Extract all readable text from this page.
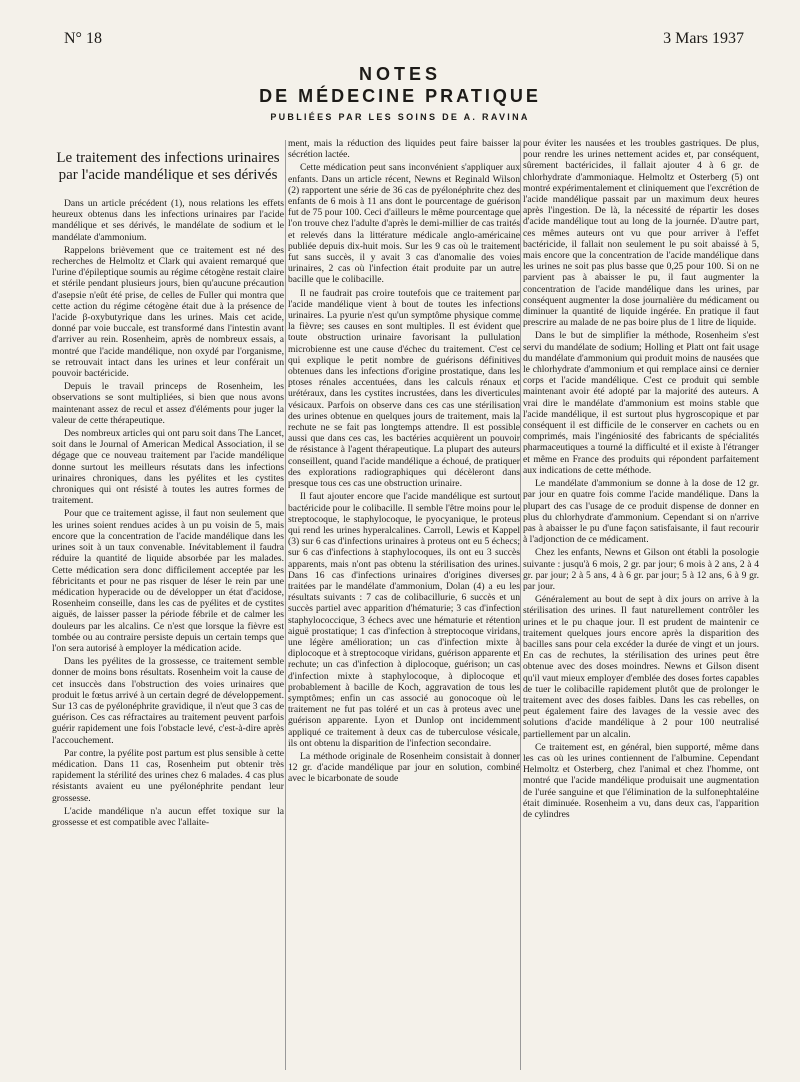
N° 18	3 Mars 1937
NOTES
DE MÉDECINE PRATIQUE
PUBLIÉES PAR LES SOINS DE A. RAVINA
Le traitement des infections urinaires
par l'acide mandélique et ses dérivés

Dans un article précédent (1), nous relations les effets heureux obtenus dans les infections urinaires par l'acide mandélique et ses dérivés, le mandélate de sodium et le mandélate d'ammonium.

Rappelons brièvement que ce traitement est né des recherches de Helmoltz et Clark qui avaient remarqué que l'urine d'épileptique soumis au régime cétogène restait claire et stérile pendant plusieurs jours, bien qu'aucune précaution d'asepsie n'eût été prise, de celles de Fuller qui montra que cette action du régime cétogène était due à la présence de l'acide β-oxybutyrique dans les urines. Mais cet acide, donné par voie buccale, est transformé dans l'intestin avant d'arriver au rein. Rosenheim, après de nombreux essais, a montré que l'acide mandélique, non oxydé par l'organisme, se retrouvait intact dans les urines et leur conférait un pouvoir bactéricide.

Depuis le travail princeps de Rosenheim, les observations se sont multipliées, si bien que nous avons maintenant assez de recul et assez d'éléments pour juger la valeur de cette thérapeutique.

Des nombreux articles qui ont paru soit dans The Lancet, soit dans le Journal of American Medical Association, il se dégage que ce nouveau traitement par l'acide mandélique donne surtout les meilleurs résutats dans les infections urinaires chroniques, dans les pyélites et les cystites chroniques qui ont résisté à toutes les autres formes de traitement.

Pour que ce traitement agisse, il faut non seulement que les urines soient rendues acides à un pu voisin de 5, mais encore que la concentration de l'acide mandélique dans les urines soit à un taux convenable. Inévitablement il faudra réduire la quantité de liquide absorbée par les malades. Cette médication sera donc difficilement acceptée par les fébricitants et pour ne pas risquer de léser le rein par une médication hyperacide ou de développer un état d'acidose, Rosenheim conseille, dans les cas de pyélites et de cystites aiguës, de laisser passer la période fébrile et de calmer les douleurs par les alcalins. Ce n'est que lorsque la fièvre est tombée ou au contraire persiste depuis un certain temps que l'on sera autorisé à employer la médication acide.

Dans les pyélites de la grossesse, ce traitement semble donner de moins bons résultats. Rosenheim voit la cause de cet insuccès dans l'obstruction des voies urinaires que produit le fœtus arrivé à un certain degré de développement. Sur 13 cas de pyélonéphrite gravidique, il n'eut que 3 cas de guérison. Ces cas réfractaires au traitement peuvent parfois guérir rapidement une fois l'obstacle levé, c'est-à-dire après l'accouchement.

Par contre, la pyélite post partum est plus sensible à cette médication. Dans 11 cas, Rosenheim put obtenir très rapidement la stérilité des urines chez 6 malades. 4 cas plus résistants avaient eu une pyélonéphrite pendant leur grossesse.

L'acide mandélique n'a aucun effet toxique sur la grossesse et est compatible avec l'allaite-

ment, mais la réduction des liquides peut faire baisser la sécrétion lactée.

Cette médication peut sans inconvénient s'appliquer aux enfants. Dans un article récent, Newns et Reginald Wilson (2) rapportent une série de 36 cas de pyélonéphrite chez des enfants de 6 mois à 11 ans dont le pourcentage de guérison fut de 75 pour 100. Ceci d'ailleurs le même pourcentage que l'on trouve chez l'adulte d'après le demi-millier de cas traités et relevés dans la littérature médicale anglo-américaine publiée depuis dix-huit mois. Sur les 9 cas où le traitement fut sans succès, il y avait 3 cas d'anomalie des voies urinaires, 2 cas où l'infection était produite par un autre bacille que le colibacille.

Il ne faudrait pas croire toutefois que ce traitement par l'acide mandélique vient à bout de toutes les infections urinaires. La pyurie n'est qu'un symptôme physique comme la fièvre; ses causes en sont multiples. Il est évident que toute obstruction urinaire favorisant la pullulation microbienne est une cause d'échec du traitement. C'est ce qui explique le petit nombre de guérisons définitives obtenues dans les infections d'origine prostatique, dans les ptoses rénales accentuées, dans les calculs rénaux et urétéraux, dans les cystites incrustées, dans les diverticules vésicaux. Parfois on observe dans ces cas une stérilisation des urines obtenue en quelques jours de traitement, mais la rechute ne se fait pas longtemps attendre. Il est possible aussi que dans ces cas, les bactéries acquièrent un pouvoir de résistance à l'agent thérapeutique. La plupart des auteurs conseillent, quand l'acide mandélique a échoué, de pratiquer des explorations radiographiques qui décèleront dans presque tous ces cas une obstruction urinaire.

Il faut ajouter encore que l'acide mandélique est surtout bactéricide pour le colibacille. Il semble l'être moins pour le streptocoque, le staphylocoque, le pyocyanique, le proteus qui rend les urines hyperalcalines. Carroll, Lewis et Kappel (3) sur 6 cas d'infections urinaires à proteus ont eu 5 échecs; sur 6 cas d'infections à staphylocoques, ils ont eu 3 succès apparents, mais n'ont pas obtenu la stérilisation des urines. Dans 16 cas d'infections urinaires d'origines diverses traitées par le mandélate d'ammonium, Dolan (4) a eu les résultats suivants : 7 cas de colibacillurie, 6 succès et un succès partiel avec apparition d'hématurie; 3 cas d'infection staphylococcique, 3 échecs avec une hématurie et rétention aiguë prostatique; 1 cas d'infection à streptocoque viridans, une légère amélioration; un cas d'infection mixte à diplocoque et à streptocoque viridans, guérison apparente et rechute; un cas d'infection à diplocoque, guérison; un cas d'infection mixte à staphylocoque, à diplocoque et probablement à bacille de Koch, aggravation de tous les symptômes; enfin un cas associé au gonocoque où le traitement ne fut pas toléré et un cas à proteus avec une guérison apparente. Lyon et Dunlop ont incidemment appliqué ce traitement à deux cas de tuberculose vésicale, ils ont obtenu la disparition de l'infection secondaire.

La méthode originale de Rosenheim consistait à donner 12 gr. d'acide mandélique par jour en solution, combiné avec le bicarbonate de soude

pour éviter les nausées et les troubles gastriques. De plus, pour rendre les urines nettement acides et, par conséquent, sûrement bactéricides, il fallait ajouter 4 à 6 gr. de chlorhydrate d'ammoniaque. Helmoltz et Osterberg (5) ont montré expérimentalement et cliniquement que l'excrétion de l'acide mandélique passait par un maximum deux heures après l'ingestion. De là, la nécessité de répartir les doses d'acide mandélique tout au long de la journée. D'autre part, ces mêmes auteurs ont vu que pour arriver à l'effet bactéricide, il fallait non seulement le pu soit abaissé à 5, mais encore que la concentration de l'acide mandélique dans les urines ne soit pas plus basse que 0,25 pour 100. Si on ne parvient pas à abaisser le pu, il faut augmenter la concentration de l'acide mandélique dans les urines, par conséquent augmenter la dose journalière du médicament ou diminuer la quantité de liquide ingérée. En pratique il faut prescrire au malade de ne pas boire plus de 1 litre de liquide.

Dans le but de simplifier la méthode, Rosenheim s'est servi du mandélate de sodium; Holling et Platt ont fait usage du mandélate d'ammonium qui produit moins de nausées que le chlorhydrate d'ammonium et qui remplace ainsi ce dernier corps et l'acide mandélique. C'est ce produit qui semble maintenant avoir été adopté par la majorité des auteurs. A vrai dire le mandélate d'ammonium est moins stable que l'acide mandélique, il est surtout plus hygroscopique et par conséquent il est difficile de le conserver en cachets ou en comprimés, mais l'ingéniosité des fabricants de spécialités pharmaceutiques a tourné la difficulté et il existe à l'étranger et même en France des produits qui répondent parfaitement aux indications de cette méthode.

Le mandélate d'ammonium se donne à la dose de 12 gr. par jour en quatre fois comme l'acide mandélique. Dans la plupart des cas l'usage de ce produit dispense de donner en plus du chlorhydrate d'ammonium. Cependant si on n'arrive pas à abaisser le pu d'une façon satisfaisante, il faut recourir à l'adjonction de ce médicament.

Chez les enfants, Newns et Gilson ont établi la posologie suivante : jusqu'à 6 mois, 2 gr. par jour; 6 mois à 2 ans, 2 à 4 gr. par jour; 2 à 5 ans, 4 à 6 gr. par jour; 5 à 12 ans, 6 à 9 gr. par jour.

Généralement au bout de sept à dix jours on arrive à la stérilisation des urines. Il faut naturellement contrôler les urines et le pu chaque jour. Il est prudent de maintenir ce traitement quelques jours encore après la disparition des bacilles sans pour cela excéder la durée de vingt et un jours. En cas de rechutes, la stérilisation des urines peut être obtenue avec des doses moindres. Newns et Gilson disent qu'il vaut mieux employer d'emblée des doses fortes capables de tuer le colibacille rapidement plutôt que de prolonger le traitement avec des doses faibles. Dans les cas rebelles, on peut également faire des lavages de la vessie avec des solutions d'acide mandélique à 2 pour 100 neutralisé partiellement par un alcalin.

Ce traitement est, en général, bien supporté, même dans les cas où les urines contiennent de l'albumine. Cependant Helmoltz et Osterberg, chez l'animal et chez l'homme, ont montré que l'acide mandélique produisait une augmentation de l'urée sanguine et que l'élimination de la sulfonephtaléine était diminuée. Rosenheim a vu, dans deux cas, l'apparition de cylindres
